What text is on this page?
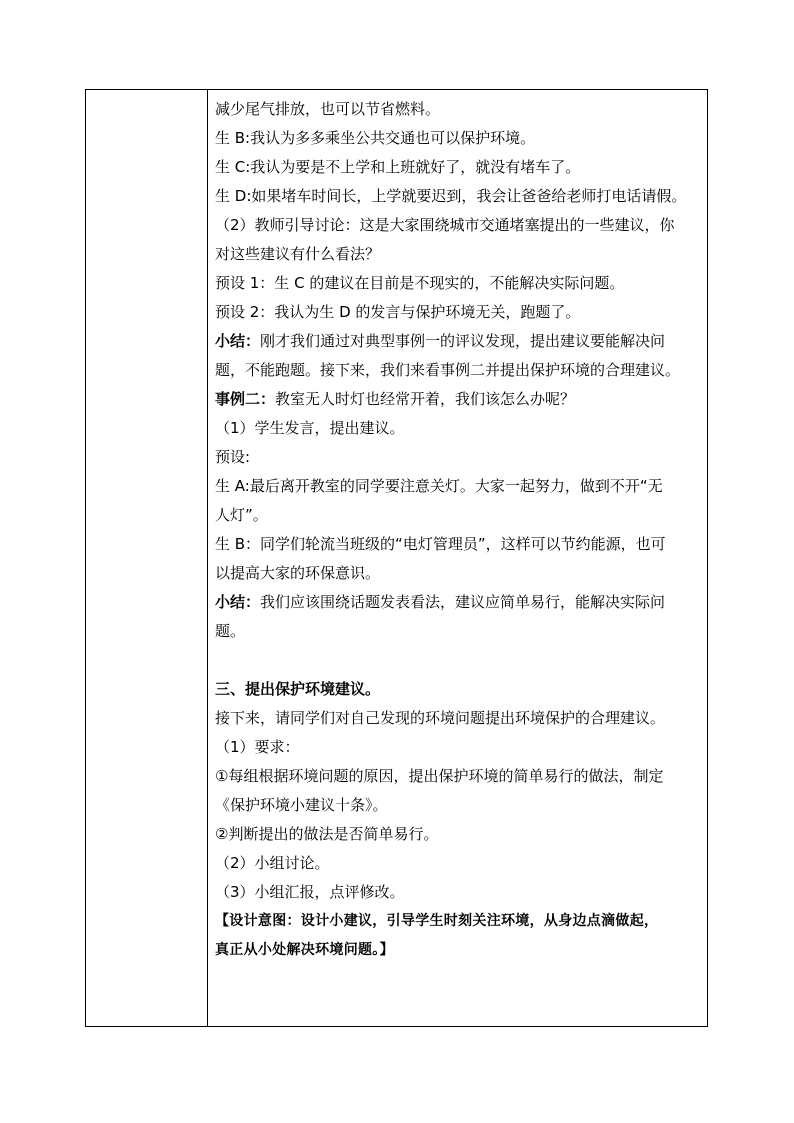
减少尾气排放，也可以节省燃料。
生 B:我认为多多乘坐公共交通也可以保护环境。
生 C:我认为要是不上学和上班就好了，就没有堵车了。
生 D:如果堵车时间长，上学就要迟到，我会让爸爸给老师打电话请假。
（2）教师引导讨论：这是大家围绕城市交通堵塞提出的一些建议，你
对这些建议有什么看法？
预设 1：生 C 的建议在目前是不现实的，不能解决实际问题。
预设 2：我认为生 D 的发言与保护环境无关，跑题了。
小结：刚才我们通过对典型事例一的评议发现，提出建议要能解决问
题，不能跑题。接下来，我们来看事例二并提出保护环境的合理建议。
事例二：教室无人时灯也经常开着，我们该怎么办呢？
（1）学生发言，提出建议。
预设:
生 A:最后离开教室的同学要注意关灯。大家一起努力，做到不开“无
人灯”。
生 B：同学们轮流当班级的“电灯管理员”，这样可以节约能源，也可
以提高大家的环保意识。
小结：我们应该围绕话题发表看法，建议应简单易行，能解决实际问
题。
三、提出保护环境建议。
接下来，请同学们对自己发现的环境问题提出环境保护的合理建议。
（1）要求：
①每组根据环境问题的原因，提出保护环境的简单易行的做法，制定
《保护环境小建议十条》。
②判断提出的做法是否简单易行。
（2）小组讨论。
（3）小组汇报，点评修改。
【设计意图：设计小建议，引导学生时刻关注环境，从身边点滴做起，
真正从小处解决环境问题。】
